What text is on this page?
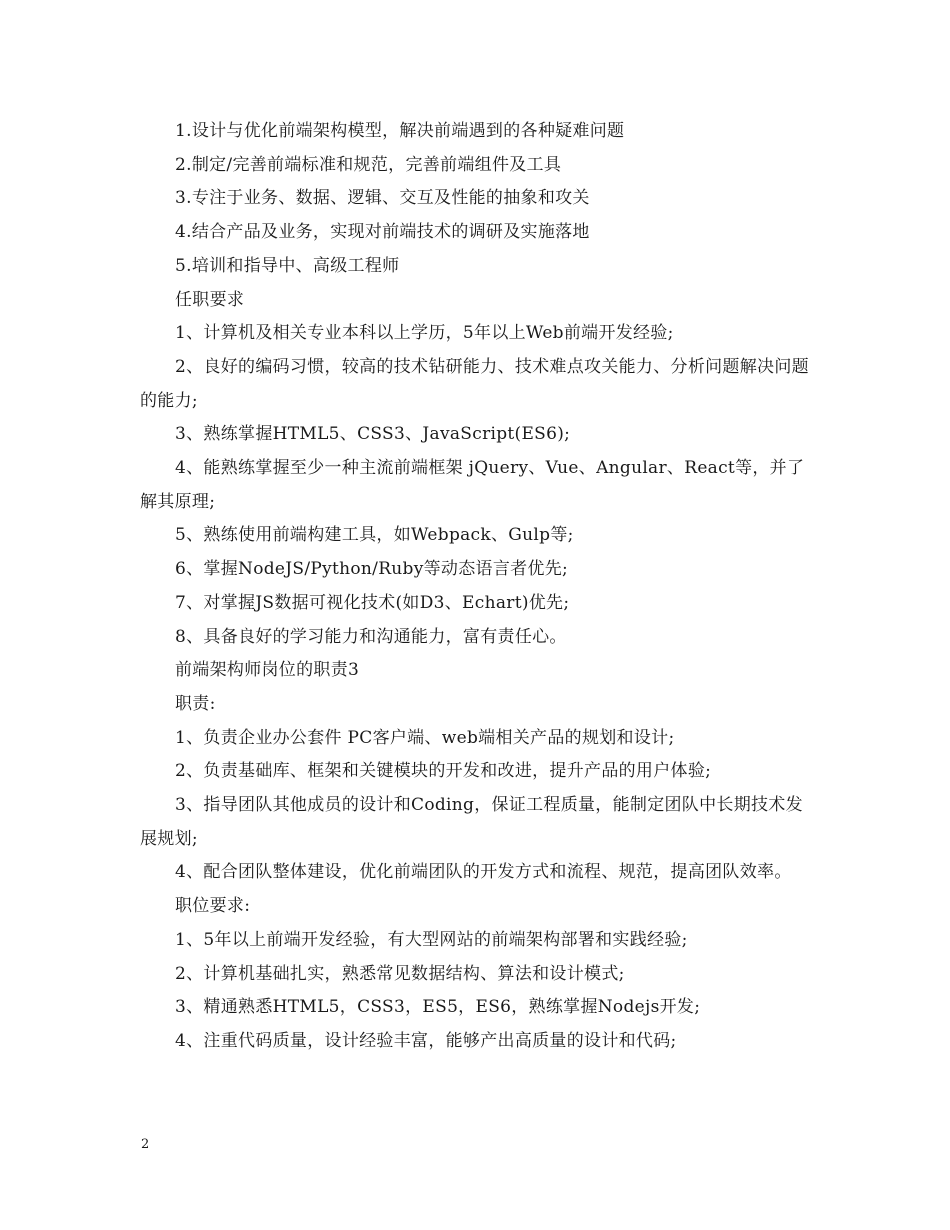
1.设计与优化前端架构模型，解决前端遇到的各种疑难问题

2.制定/完善前端标准和规范，完善前端组件及工具

3.专注于业务、数据、逻辑、交互及性能的抽象和攻关

4.结合产品及业务，实现对前端技术的调研及实施落地

5.培训和指导中、高级工程师

任职要求

1、计算机及相关专业本科以上学历，5年以上Web前端开发经验;

2、良好的编码习惯，较高的技术钻研能力、技术难点攻关能力、分析问题解决问题的能力;

3、熟练掌握HTML5、CSS3、JavaScript(ES6);

4、能熟练掌握至少一种主流前端框架 jQuery、Vue、Angular、React等，并了解其原理;

5、熟练使用前端构建工具，如Webpack、Gulp等;

6、掌握NodeJS/Python/Ruby等动态语言者优先;

7、对掌握JS数据可视化技术(如D3、Echart)优先;

8、具备良好的学习能力和沟通能力，富有责任心。

前端架构师岗位的职责3

职责:

1、负责企业办公套件 PC客户端、web端相关产品的规划和设计;

2、负责基础库、框架和关键模块的开发和改进，提升产品的用户体验;

3、指导团队其他成员的设计和Coding，保证工程质量，能制定团队中长期技术发展规划;

4、配合团队整体建设，优化前端团队的开发方式和流程、规范，提高团队效率。

职位要求:

1、5年以上前端开发经验，有大型网站的前端架构部署和实践经验;

2、计算机基础扎实，熟悉常见数据结构、算法和设计模式;

3、精通熟悉HTML5，CSS3，ES5，ES6，熟练掌握Nodejs开发;

4、注重代码质量，设计经验丰富，能够产出高质量的设计和代码;

2
